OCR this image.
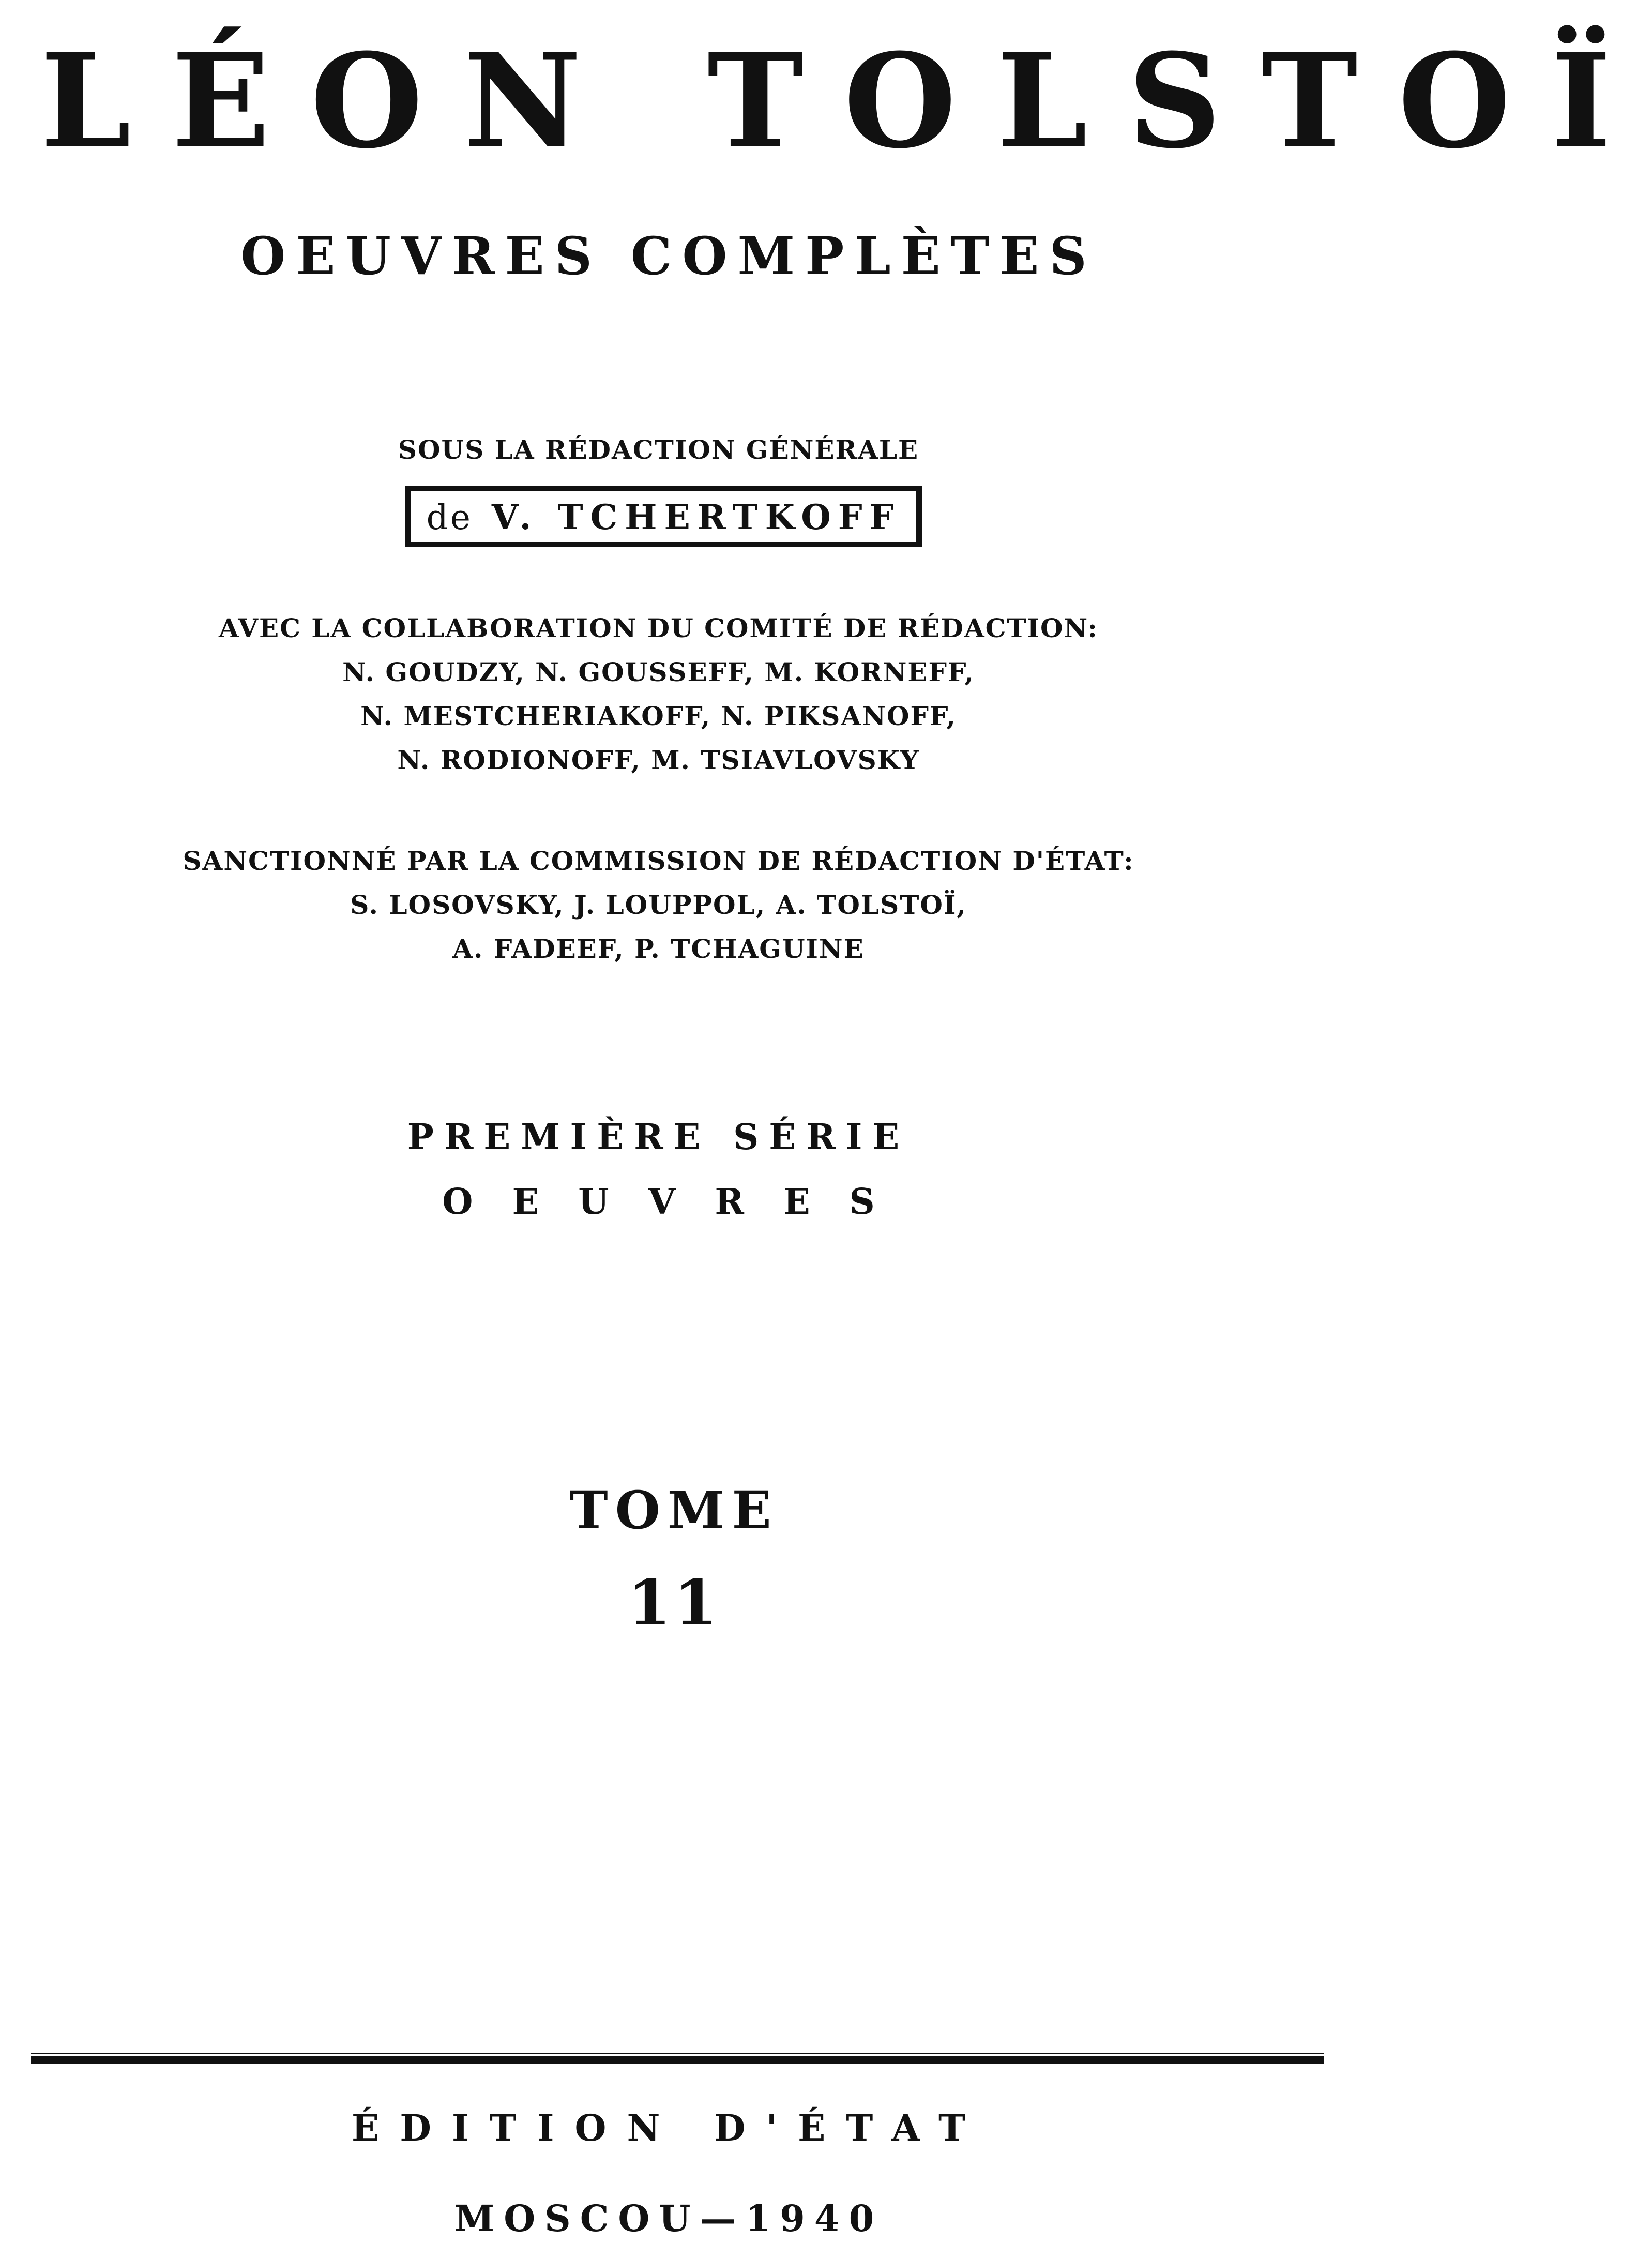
LÉON TOLSTOÏ
OEUVRES COMPLÈTES
SOUS LA RÉDACTION GÉNÉRALE
de V. TCHERTKOFF
AVEC LA COLLABORATION DU COMITÉ DE RÉDACTION:
N. GOUDZY, N. GOUSSEFF, M. KORNEFF,
N. MESTCHERIAKOFF, N. PIKSANOFF,
N. RODIONOFF, M. TSIAVLOVSKY
SANCTIONNÉ PAR LA COMMISSION DE RÉDACTION D'ÉTAT:
S. LOSOVSKY, J. LOUPPOL, A. TOLSTOÏ,
A. FADEEF, P. TCHAGUINE
PREMIÈRE SÉRIE
OEUVRES
TOME
11
ÉDITION D'ÉTAT
MOSCOU—1940
